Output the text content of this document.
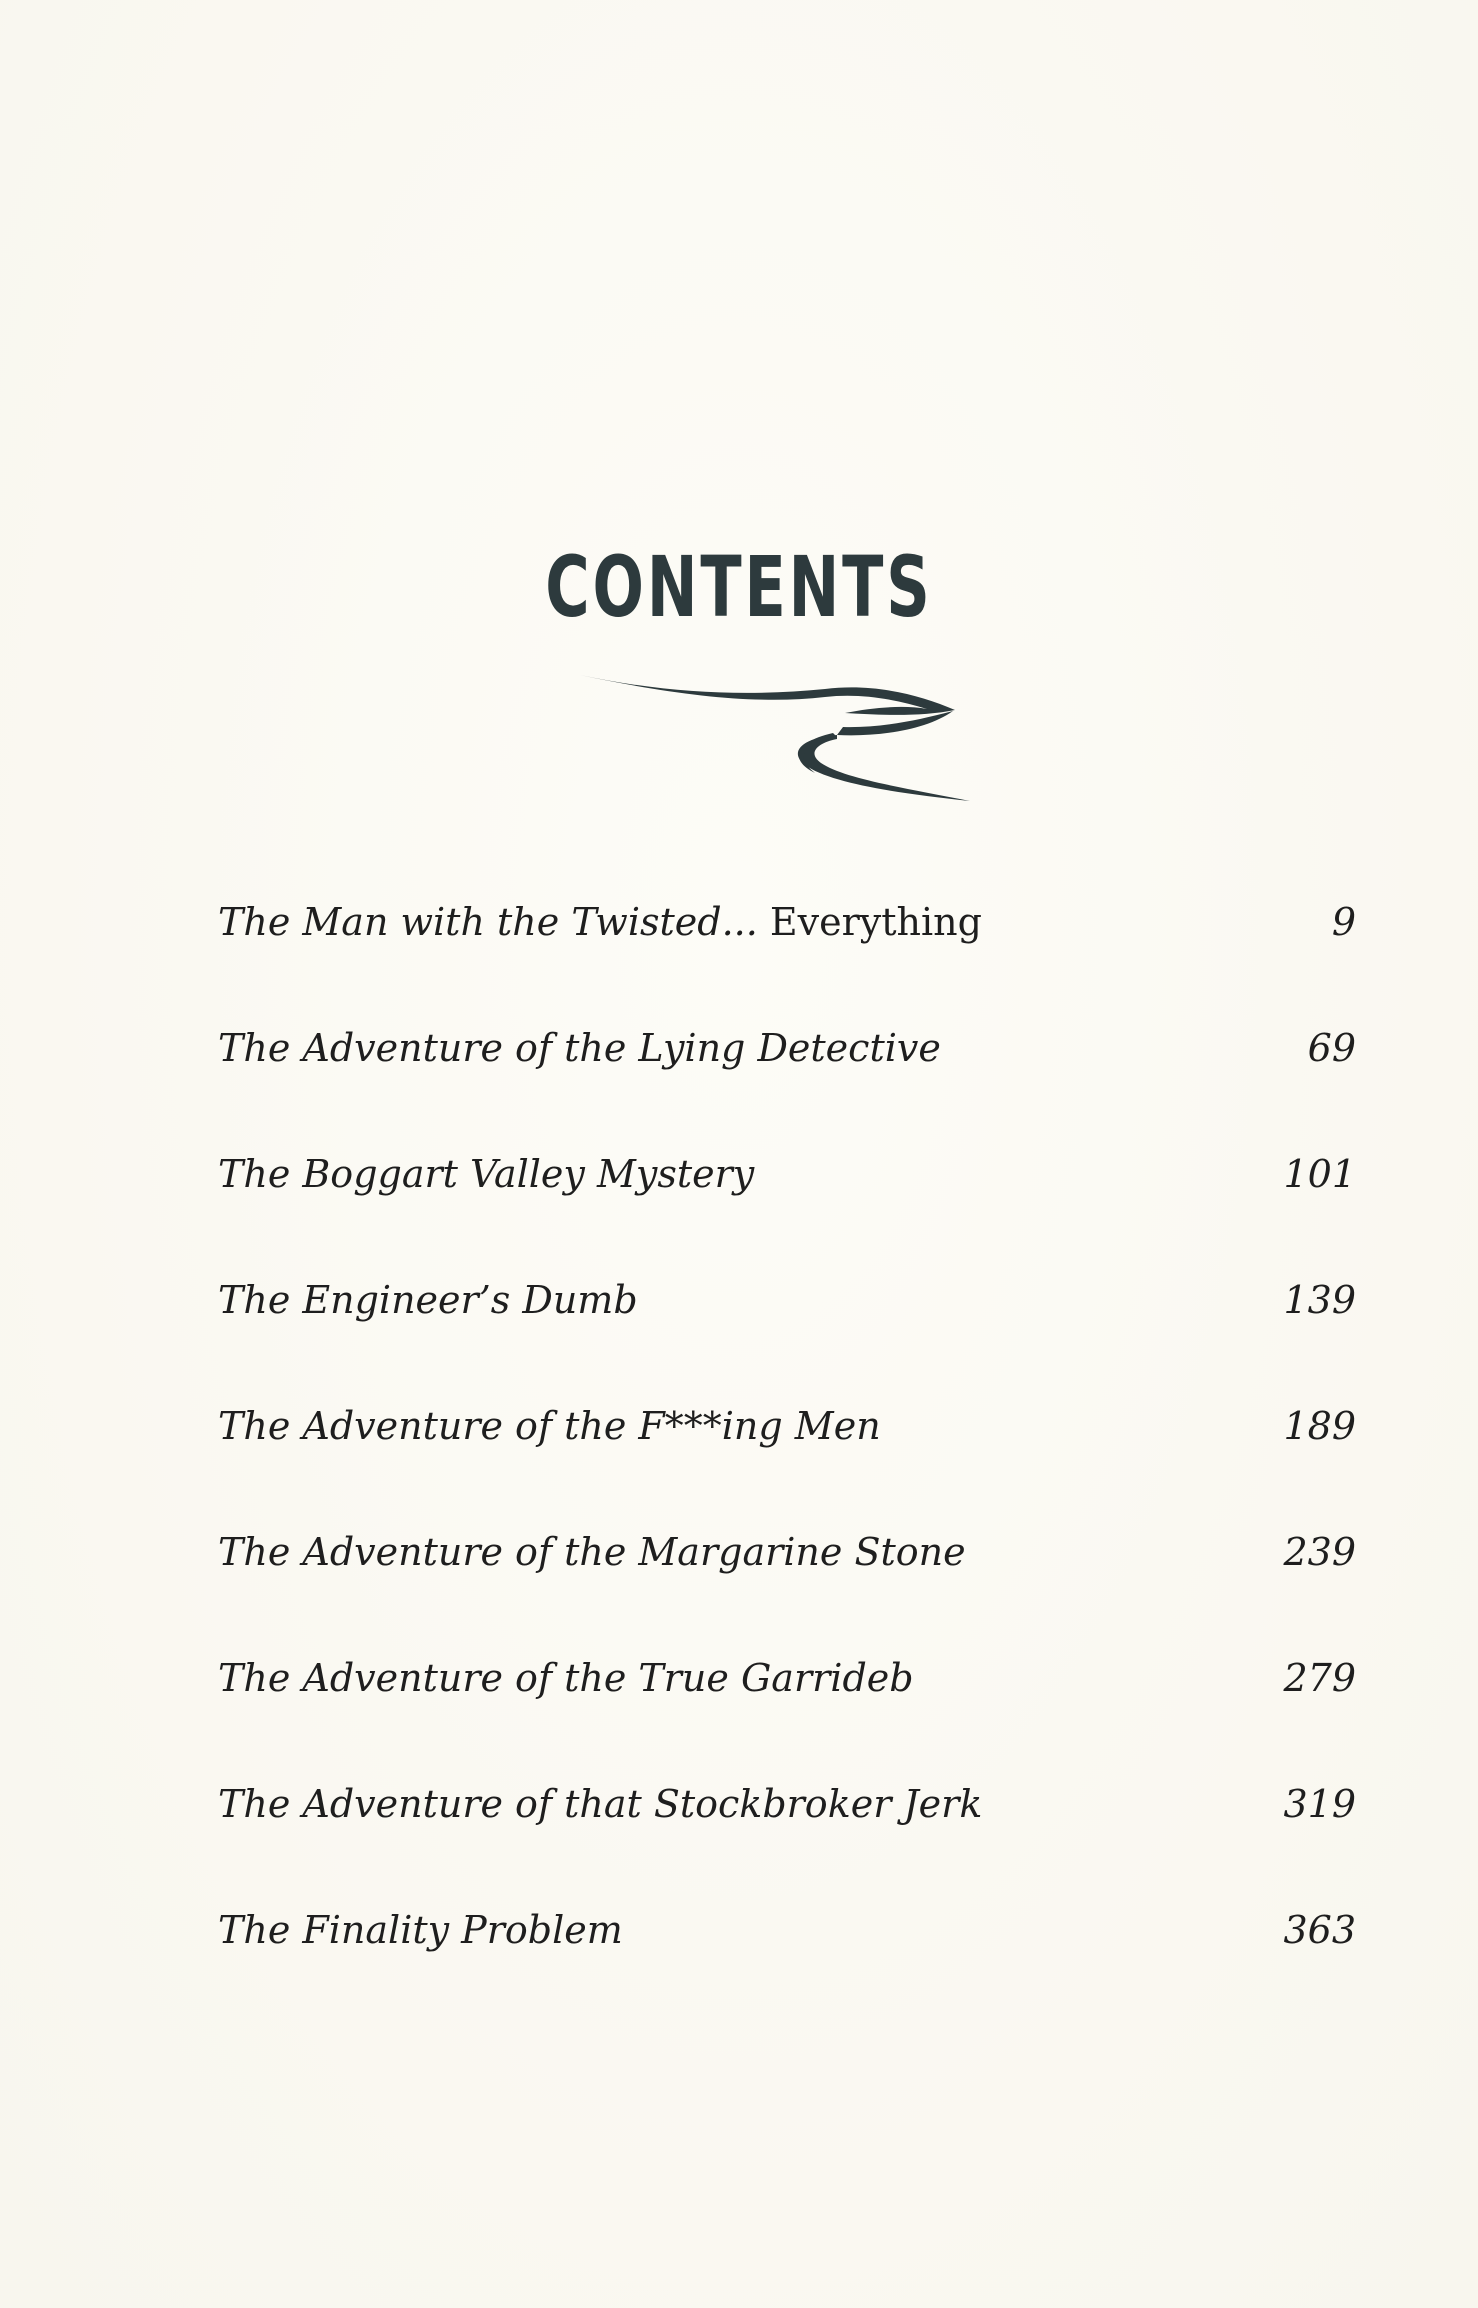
CONTENTS
The Man with the Twisted... Everything	9
The Adventure of the Lying Detective	69
The Boggart Valley Mystery	101
The Engineer’s Dumb	139
The Adventure of the F***ing Men	189
The Adventure of the Margarine Stone	239
The Adventure of the True Garrideb	279
The Adventure of that Stockbroker Jerk	319
The Finality Problem	363
